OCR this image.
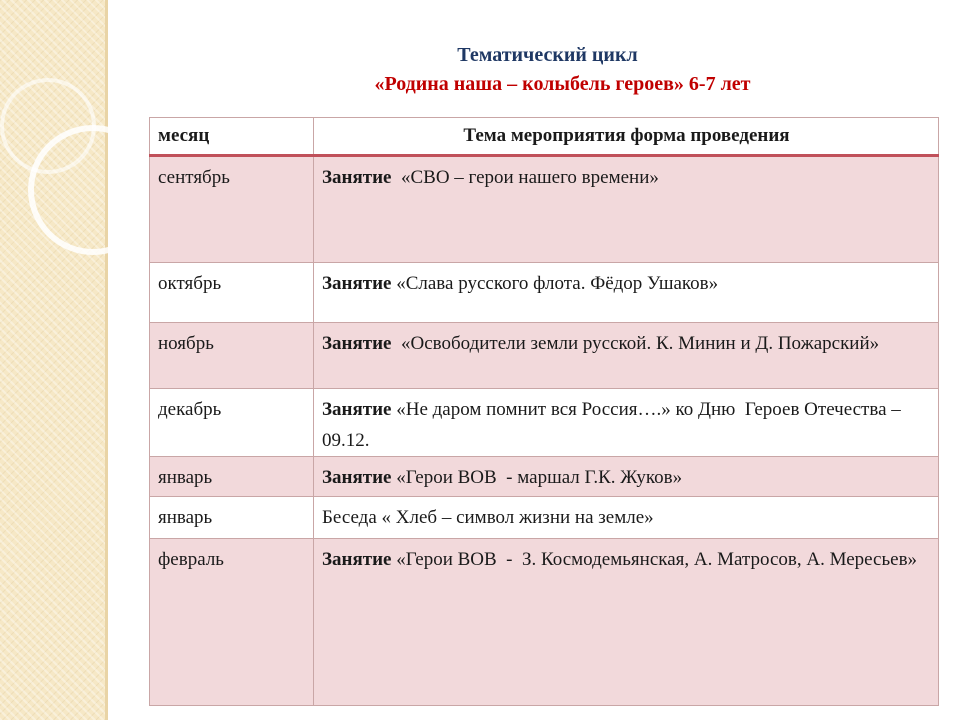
Тематический цикл
«Родина наша – колыбель героев» 6-7 лет
месяц	Тема мероприятия форма проведения
сентябрь	Занятие  «СВО – герои нашего времени»
октябрь	Занятие «Слава русского флота. Фёдор Ушаков»
ноябрь	Занятие  «Освободители земли русской. К. Минин и Д. Пожарский»
декабрь	Занятие «Не даром помнит вся Россия….» ко Дню  Героев Отечества – 09.12.
январь	Занятие «Герои ВОВ  - маршал Г.К. Жуков»
январь	Беседа « Хлеб – символ жизни на земле»
февраль	Занятие «Герои ВОВ  -  З. Космодемьянская, А. Матросов, А. Мересьев»
